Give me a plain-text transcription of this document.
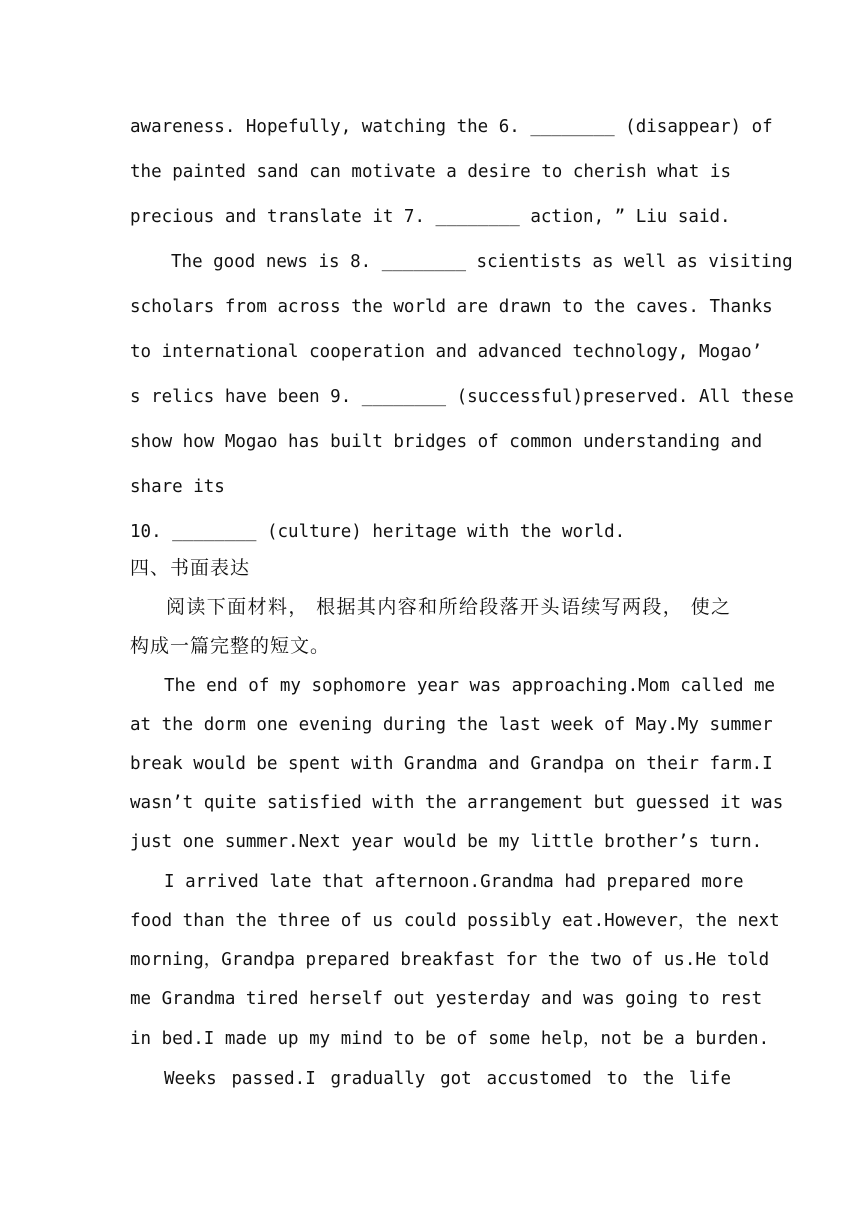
awareness. Hopefully, watching the 6. ________ (disappear) of
the painted sand can motivate a desire to cherish what is
precious and translate it 7. ________ action, ” Liu said.
The good news is 8. ________ scientists as well as visiting
scholars from across the world are drawn to the caves. Thanks
to international cooperation and advanced technology, Mogao’
s relics have been 9. ________ (successful)preserved. All these
show how Mogao has built bridges of common understanding and
share its
10. ________ (culture) heritage with the world.
四、书面表达
阅读下面材料， 根据其内容和所给段落开头语续写两段， 使之
构成一篇完整的短文。
The end of my sophomore year was approaching.Mom called me
at the dorm one evening during the last week of May.My summer
break would be spent with Grandma and Grandpa on their farm.I
wasn’t quite satisfied with the arrangement but guessed it was
just one summer.Next year would be my little brother’s turn.
I arrived late that afternoon.Grandma had prepared more
food than the three of us could possibly eat.However，the next
morning，Grandpa prepared breakfast for the two of us.He told
me Grandma tired herself out yesterday and was going to rest
in bed.I made up my mind to be of some help，not be a burden.
Weeks passed.I gradually got accustomed to the life
